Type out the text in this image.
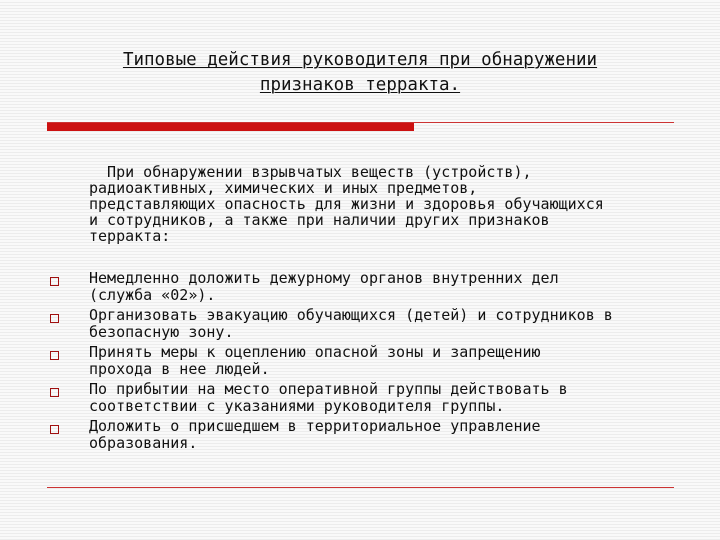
Типовые действия руководителя при обнаружении
признаков терракта.
При обнаружении взрывчатых веществ (устройств),
радиоактивных, химических и иных предметов,
представляющих опасность для жизни и здоровья обучающихся
и сотрудников, а также при наличии других признаков
терракта:
Немедленно доложить дежурному органов внутренних дел
(служба «02»).
Организовать эвакуацию обучающихся (детей) и сотрудников в
безопасную зону.
Принять меры к оцеплению опасной зоны и запрещению
прохода в нее людей.
По прибытии на место оперативной группы действовать в
соответствии с указаниями руководителя группы.
Доложить о присшедшем в территориальное управление
образования.
